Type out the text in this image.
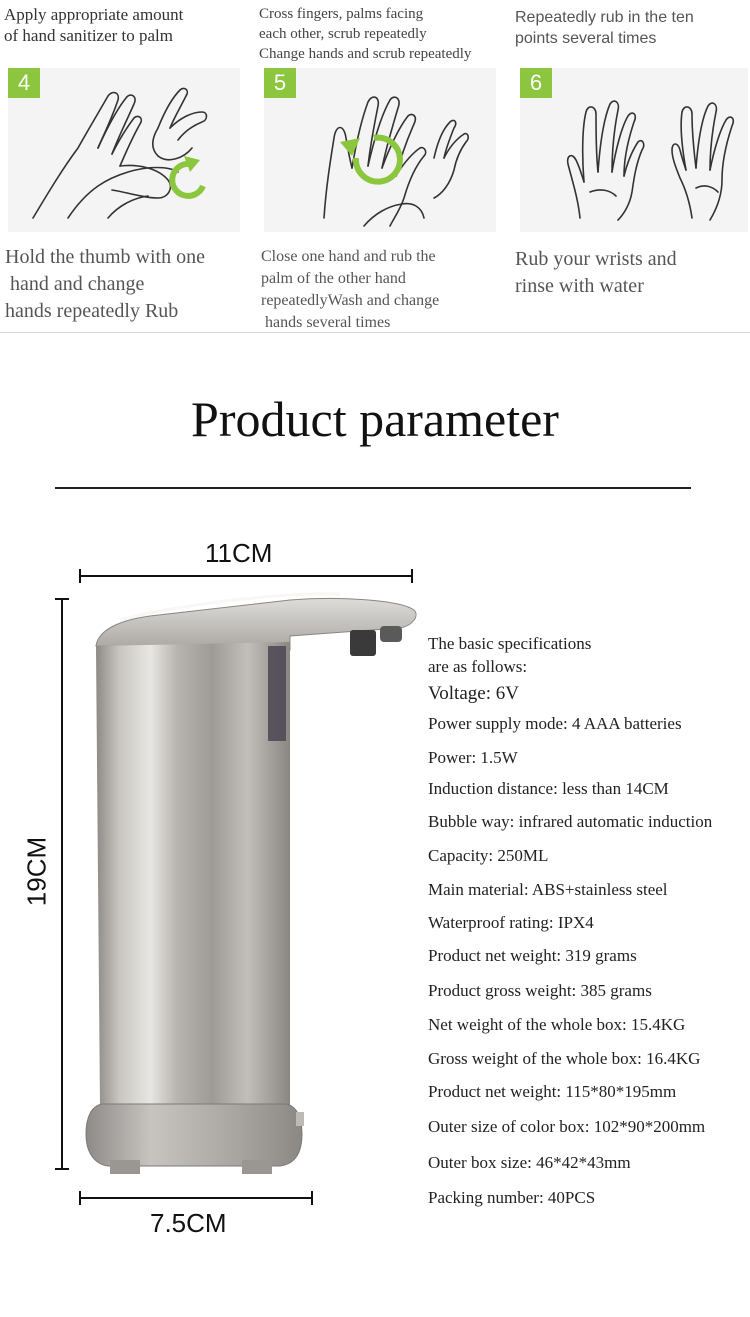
Apply appropriate amount
of hand sanitizer to palm
Cross fingers, palms facing
each other, scrub repeatedly
Change hands and scrub repeatedly
Repeatedly rub in the ten
points several times
4	5	6
Hold the thumb with one
hand and change
hands repeatedly Rub
Close one hand and rub the
palm of the other hand
repeatedlyWash and change
hands several times
Rub your wrists and
rinse with water
Product parameter
11CM
19CM
7.5CM
The basic specifications
are as follows:
Voltage: 6V
Power supply mode: 4 AAA batteries
Power: 1.5W
Induction distance: less than 14CM
Bubble way: infrared automatic induction
Capacity: 250ML
Main material: ABS+stainless steel
Waterproof rating: IPX4
Product net weight: 319 grams
Product gross weight: 385 grams
Net weight of the whole box: 15.4KG
Gross weight of the whole box: 16.4KG
Product net weight: 115*80*195mm
Outer size of color box: 102*90*200mm
Outer box size: 46*42*43mm
Packing number: 40PCS
